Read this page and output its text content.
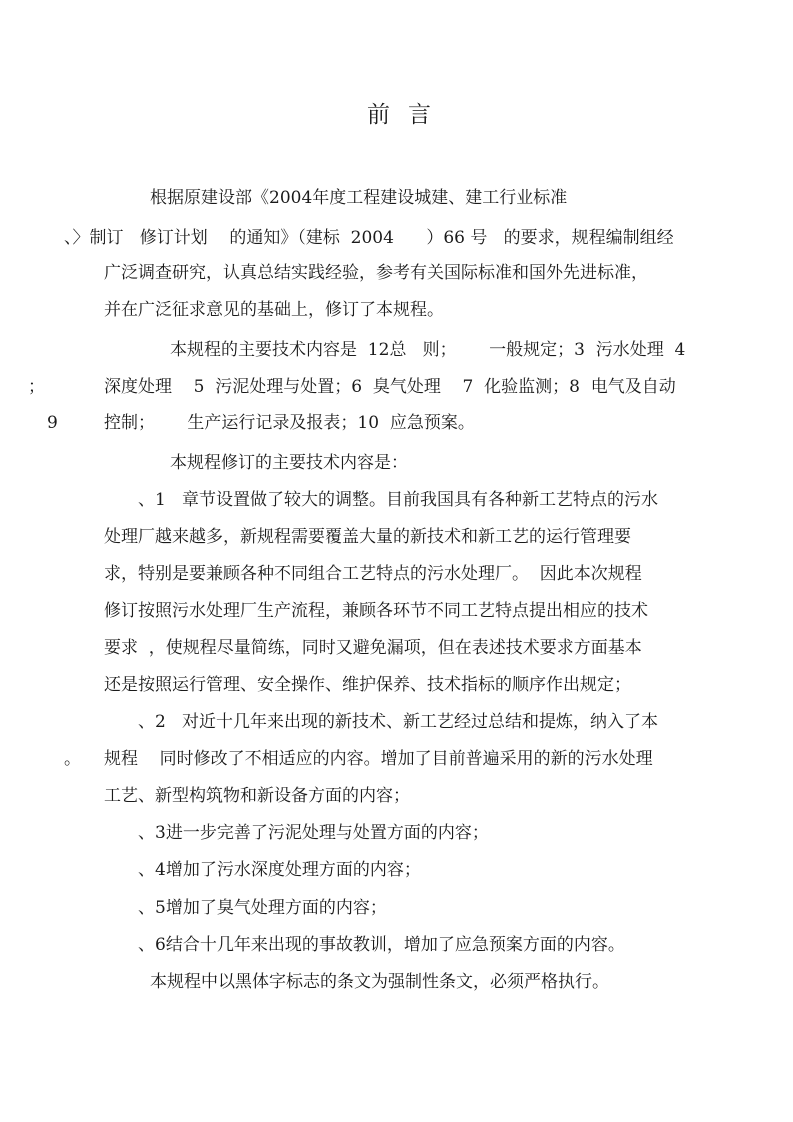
前言
根据原建设部《2004年度工程建设城建、建工行业标准
、〉制订   修订计划    的通知》（建标  2004      ）66 号   的要求，规程编制组经
广泛调查研究，认真总结实践经验，参考有关国际标准和国外先进标准，
并在广泛征求意见的基础上，修订了本规程。
本规程的主要技术内容是  12总   则；      一般规定；3  污水处理  4
；	深度处理    5  污泥处理与处置；6  臭气处理    7  化验监测；8  电气及自动
9	控制；      生产运行记录及报表；10  应急预案。
本规程修订的主要技术内容是：
、1   章节设置做了较大的调整。目前我国具有各种新工艺特点的污水
处理厂越来越多，新规程需要覆盖大量的新技术和新工艺的运行管理要
求，特别是要兼顾各种不同组合工艺特点的污水处理厂。  因此本次规程
修订按照污水处理厂生产流程，兼顾各环节不同工艺特点提出相应的技术
要求  ，使规程尽量简练，同时又避免漏项，但在表述技术要求方面基本
还是按照运行管理、安全操作、维护保养、技术指标的顺序作出规定；
、2   对近十几年来出现的新技术、新工艺经过总结和提炼，纳入了本
。 规程    同时修改了不相适应的内容。增加了目前普遍采用的新的污水处理
工艺、新型构筑物和新设备方面的内容；
、3进一步完善了污泥处理与处置方面的内容；
、4增加了污水深度处理方面的内容；
、5增加了臭气处理方面的内容；
、6结合十几年来出现的事故教训，增加了应急预案方面的内容。
本规程中以黑体字标志的条文为强制性条文，必须严格执行。
